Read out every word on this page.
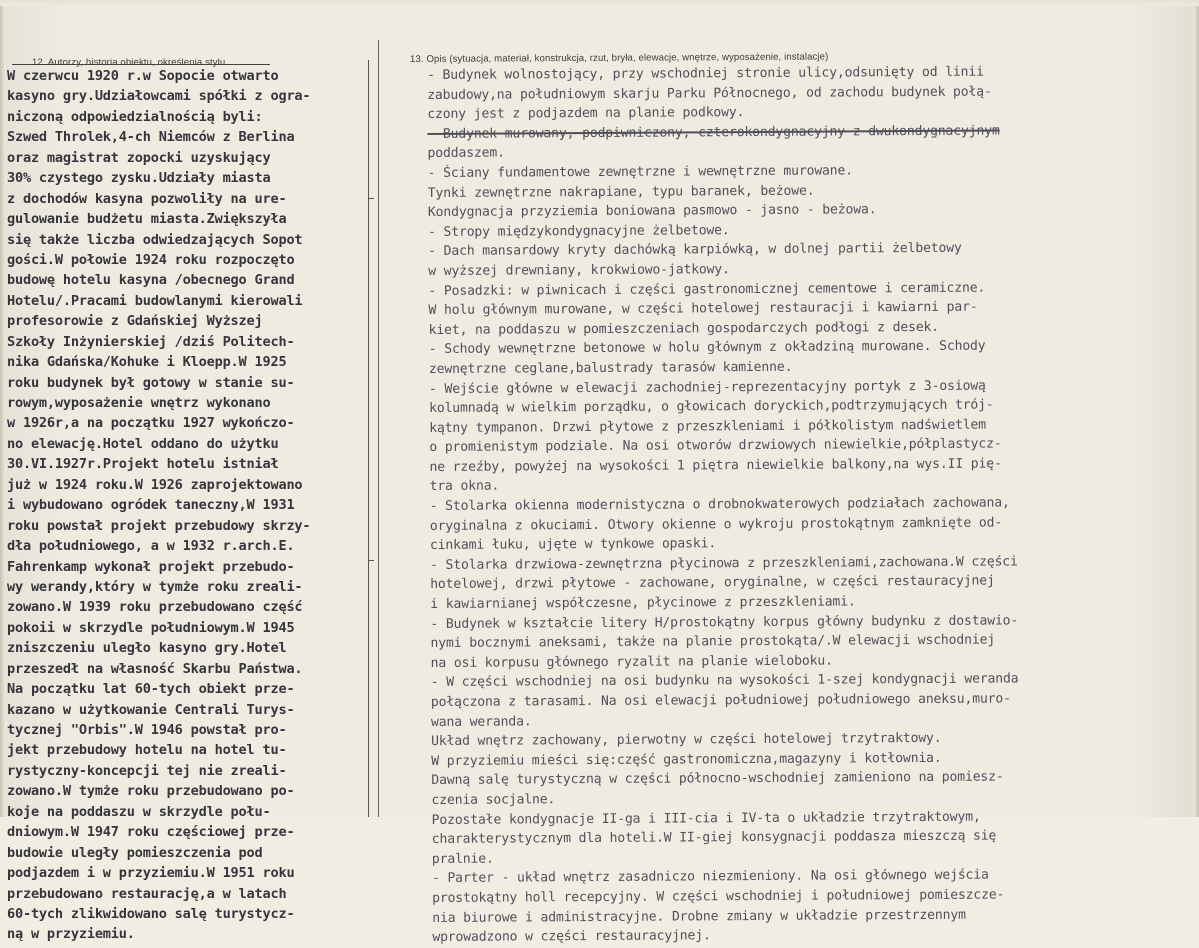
12. Autorzy, historia obiektu, określenia stylu.	13. Opis (sytuacja, materiał, konstrukcja, rzut, bryła, elewacje, wnętrze, wyposażenie, instalacje)
W czerwcu 1920 r.w Sopocie otwarto
kasyno gry.Udziałowcami spółki z ogra-
niczoną odpowiedzialnością byli:
Szwed Throlek,4-ch Niemców z Berlina
oraz magistrat zopocki uzyskujący
30% czystego zysku.Udziały miasta
z dochodów kasyna pozwoliły na ure-
gulowanie budżetu miasta.Zwiększyła
się także liczba odwiedzających Sopot
gości.W połowie 1924 roku rozpoczęto
budowę hotelu kasyna /obecnego Grand
Hotelu/.Pracami budowlanymi kierowali
profesorowie z Gdańskiej Wyższej
Szkoły Inżynierskiej /dziś Politech-
nika Gdańska/Kohuke i Kloepp.W 1925
roku budynek był gotowy w stanie su-
rowym,wyposażenie wnętrz wykonano
w 1926r,a na początku 1927 wykończo-
no elewację.Hotel oddano do użytku
30.VI.1927r.Projekt hotelu istniał
już w 1924 roku.W 1926 zaprojektowano
i wybudowano ogródek taneczny,W 1931
roku powstał projekt przebudowy skrzy-
dła południowego, a w 1932 r.arch.E.
Fahrenkamp wykonał projekt przebudo-
wy werandy,który w tymże roku zreali-
zowano.W 1939 roku przebudowano część
pokoii w skrzydle południowym.W 1945
zniszczeniu uległo kasyno gry.Hotel
przeszedł na własność Skarbu Państwa.
Na początku lat 60-tych obiekt prze-
kazano w użytkowanie Centrali Turys-
tycznej "Orbis".W 1946 powstał pro-
jekt przebudowy hotelu na hotel tu-
rystyczny-koncepcji tej nie zreali-
zowano.W tymże roku przebudowano po-
koje na poddaszu w skrzydle połu-
dniowym.W 1947 roku częściowej prze-
budowie uległy pomieszczenia pod
podjazdem i w przyziemiu.W 1951 roku
przebudowano restaurację,a w latach
60-tych zlikwidowano salę turystycz-
ną w przyziemiu.
- Budynek wolnostojący, przy wschodniej stronie ulicy,odsunięty od linii
zabudowy,na południowym skarju Parku Północnego, od zachodu budynek połą-
czony jest z podjazdem na planie podkowy.
- Budynek murowany, podpiwniczony, czterokondygnacyjny z dwukondygnacyjnym
poddaszem.
- Ściany fundamentowe zewnętrzne i wewnętrzne murowane.
Tynki zewnętrzne nakrapiane, typu baranek, beżowe.
Kondygnacja przyziemia boniowana pasmowo - jasno - beżowa.
- Stropy międzykondygnacyjne żelbetowe.
- Dach mansardowy kryty dachówką karpiówką, w dolnej partii żelbetowy
w wyższej drewniany, krokwiowo-jatkowy.
- Posadzki: w piwnicach i części gastronomicznej cementowe i ceramiczne.
W holu głównym murowane, w części hotelowej restauracji i kawiarni par-
kiet, na poddaszu w pomieszczeniach gospodarczych podłogi z desek.
- Schody wewnętrzne betonowe w holu głównym z okładziną murowane. Schody
zewnętrzne ceglane,balustrady tarasów kamienne.
- Wejście główne w elewacji zachodniej-reprezentacyjny portyk z 3-osiową
kolumnadą w wielkim porządku, o głowicach doryckich,podtrzymujących trój-
kątny tympanon. Drzwi płytowe z przeszkleniami i półkolistym nadświetlem
o promienistym podziale. Na osi otworów drzwiowych niewielkie,półplastycz-
ne rzeźby, powyżej na wysokości 1 piętra niewielkie balkony,na wys.II pię-
tra okna.
- Stolarka okienna modernistyczna o drobnokwaterowych podziałach zachowana,
oryginalna z okuciami. Otwory okienne o wykroju prostokątnym zamknięte od-
cinkami łuku, ujęte w tynkowe opaski.
- Stolarka drzwiowa-zewnętrzna płycinowa z przeszkleniami,zachowana.W części
hotelowej, drzwi płytowe - zachowane, oryginalne, w części restauracyjnej
i kawiarnianej współczesne, płycinowe z przeszkleniami.
- Budynek w kształcie litery H/prostokątny korpus główny budynku z dostawio-
nymi bocznymi aneksami, także na planie prostokąta/.W elewacji wschodniej
na osi korpusu głównego ryzalit na planie wieloboku.
- W części wschodniej na osi budynku na wysokości 1-szej kondygnacji weranda
połączona z tarasami. Na osi elewacji południowej południowego aneksu,muro-
wana weranda.
Układ wnętrz zachowany, pierwotny w części hotelowej trzytraktowy.
W przyziemiu mieści się:część gastronomiczna,magazyny i kotłownia.
Dawną salę turystyczną w części północno-wschodniej zamieniono na pomiesz-
czenia socjalne.
Pozostałe kondygnacje II-ga i III-cia i IV-ta o układzie trzytraktowym,
charakterystycznym dla hoteli.W II-giej konsygnacji poddasza mieszczą się
pralnie.
- Parter - układ wnętrz zasadniczo niezmieniony. Na osi głównego wejścia
prostokątny holl recepcyjny. W części wschodniej i południowej pomieszcze-
nia biurowe i administracyjne. Drobne zmiany w układzie przestrzennym
wprowadzono w części restauracyjnej.
